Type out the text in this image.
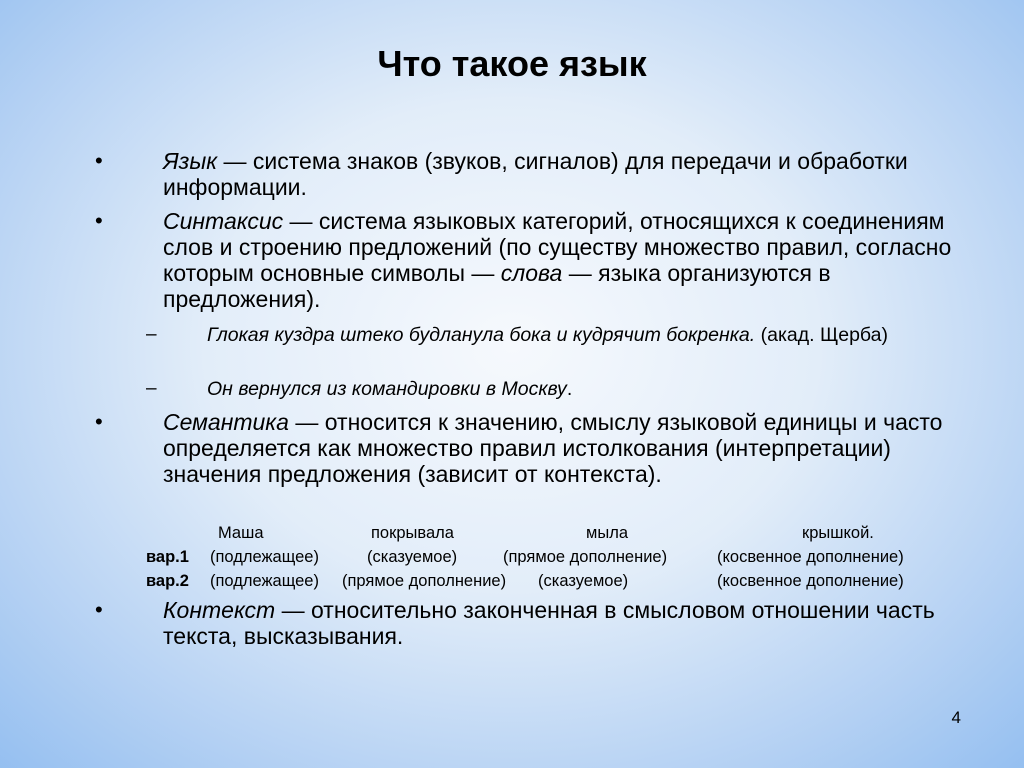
Что такое язык
•	Язык — система знаков (звуков, сигналов) для передачи и обработки информации.
•	Синтаксис — система языковых категорий, относящихся к соединениям слов и строению предложений (по существу множество правил, согласно которым основные символы — слова — языка организуются в предложения).
–	Глокая куздра штеко будланула бока и кудрячит бокренка. (акад. Щерба)
–	Он вернулся из командировки в Москву.
•	Семантика — относится к значению, смыслу языковой единицы и часто определяется как множество правил истолкования (интерпретации) значения предложения (зависит от контекста).
Маша	покрывала	мыла	крышкой.
вар.1 (подлежащее)	(сказуемое)	(прямое дополнение)	(косвенное дополнение)
вар.2 (подлежащее) (прямое дополнение) (сказуемое)	(косвенное дополнение)
•	Контекст — относительно законченная в смысловом отношении часть текста, высказывания.
4
